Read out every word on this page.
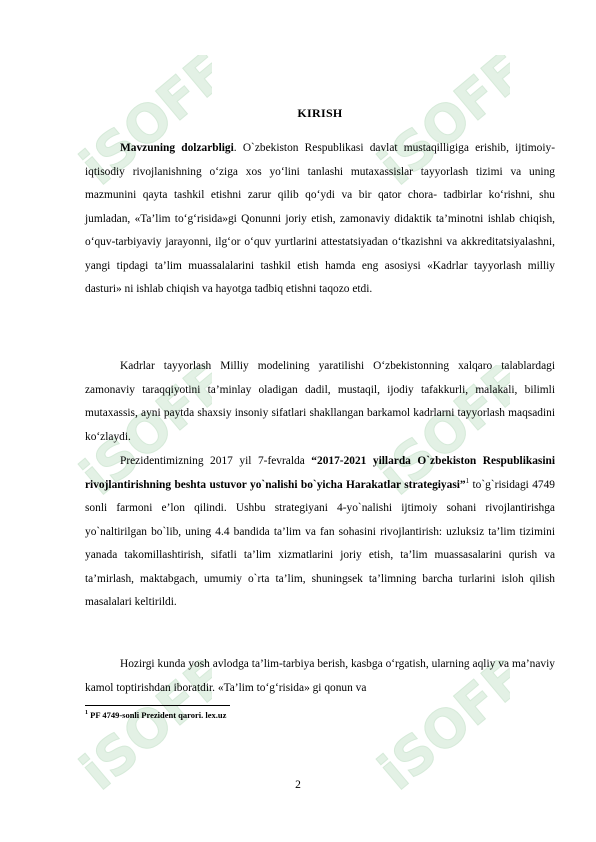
iSOFF iSOFF
iSOFF iSOFF
iSOFF iSOFF
KIRISH

Mavzuning dolzarbligi. O`zbekiston Respublikasi davlat mustaqilligiga erishib, ijtimoiy-iqtisodiy rivojlanishning o‘ziga xos yo‘lini tanlashi mutaxassislar tayyorlash tizimi va uning mazmunini qayta tashkil etishni zarur qilib qo‘ydi va bir qator chora- tadbirlar ko‘rishni, shu jumladan, «Ta’lim to‘g‘risida»gi Qonunni joriy etish, zamonaviy didaktik ta’minotni ishlab chiqish, o‘quv-tarbiyaviy jarayonni, ilg‘or o‘quv yurtlarini attestatsiyadan o‘tkazishni va akkreditatsiyalashni, yangi tipdagi ta’lim muassalalarini tashkil etish hamda eng asosiysi «Kadrlar tayyorlash milliy dasturi» ni ishlab chiqish va hayotga tadbiq etishni taqozo etdi.

Kadrlar tayyorlash Milliy modelining yaratilishi O‘zbekistonning xalqaro talablardagi zamonaviy taraqqiyotini ta’minlay oladigan dadil, mustaqil, ijodiy tafakkurli, malakali, bilimli mutaxassis, ayni paytda shaxsiy insoniy sifatlari shakllangan barkamol kadrlarni tayyorlash maqsadini ko‘zlaydi.

Prezidentimizning 2017 yil 7-fevralda “2017-2021 yillarda O`zbekiston Respublikasini rivojlantirishning beshta ustuvor yo`nalishi bo`yicha Harakatlar strategiyasi”$^1$ to`g`risidagi 4749 sonli farmoni e’lon qilindi. Ushbu strategiyani 4-yo`nalishi ijtimoiy sohani rivojlantirishga yo`naltirilgan bo`lib, uning 4.4 bandida ta’lim va fan sohasini rivojlantirish: uzluksiz ta’lim tizimini yanada takomillashtirish, sifatli ta’lim xizmatlarini joriy etish, ta’lim muassasalarini qurish va ta’mirlash, maktabgach, umumiy o`rta ta’lim, shuningsek ta’limning barcha turlarini isloh qilish masalalari keltirildi.

Hozirgi kunda yosh avlodga ta’lim-tarbiya berish, kasbga o‘rgatish, ularning aqliy va ma’naviy kamol toptirishdan iboratdir. «Ta’lim to‘g‘risida» gi qonun va

$^1$ PF 4749-sonli Prezident qarori. lex.uz
2
